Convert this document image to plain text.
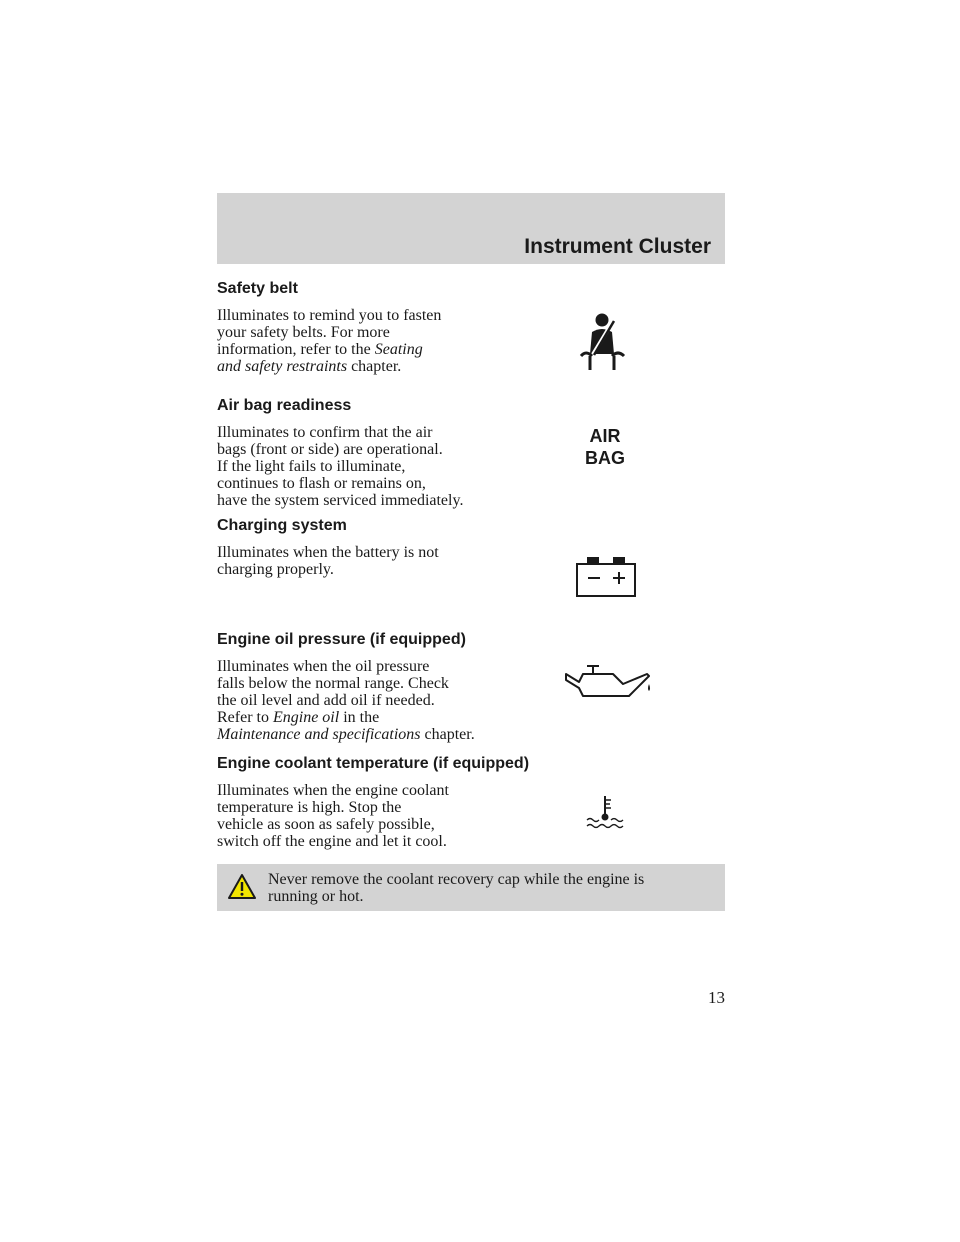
Instrument Cluster
Safety belt

Illuminates to remind you to fasten
your safety belts. For more
information, refer to the Seating
and safety restraints chapter.

Air bag readiness

Illuminates to confirm that the air
bags (front or side) are operational.
If the light fails to illuminate,
continues to flash or remains on,
have the system serviced immediately.

AIR
BAG
Charging system

Illuminates when the battery is not
charging properly.

Engine oil pressure (if equipped)

Illuminates when the oil pressure
falls below the normal range. Check
the oil level and add oil if needed.
Refer to Engine oil in the
Maintenance and specifications chapter.

Engine coolant temperature (if equipped)

Illuminates when the engine coolant
temperature is high. Stop the
vehicle as soon as safely possible,
switch off the engine and let it cool.

Never remove the coolant recovery cap while the engine is
running or hot.

13
